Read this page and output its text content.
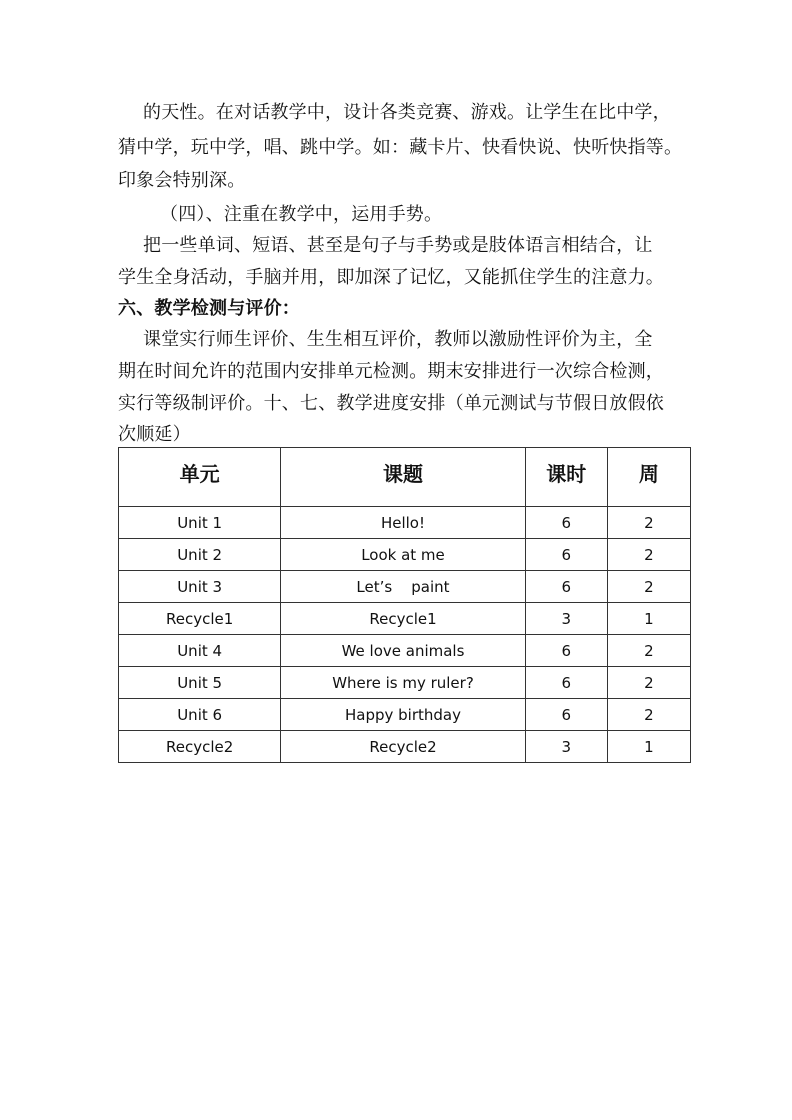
的天性。在对话教学中，设计各类竞赛、游戏。让学生在比中学，
猜中学，玩中学，唱、跳中学。如：藏卡片、快看快说、快听快指等。
印象会特别深。
（四）、注重在教学中，运用手势。
把一些单词、短语、甚至是句子与手势或是肢体语言相结合，让
学生全身活动，手脑并用，即加深了记忆，又能抓住学生的注意力。
六、教学检测与评价：
课堂实行师生评价、生生相互评价，教师以激励性评价为主，全
期在时间允许的范围内安排单元检测。期末安排进行一次综合检测，
实行等级制评价。十、七、教学进度安排（单元测试与节假日放假依
次顺延）
单元	课题	课时	周
Unit 1	Hello!	6	2
Unit 2	Look at me	6	2
Unit 3	Let’s    paint	6	2
Recycle1	Recycle1	3	1
Unit 4	We love animals	6	2
Unit 5	Where is my ruler?	6	2
Unit 6	Happy birthday	6	2
Recycle2	Recycle2	3	1
